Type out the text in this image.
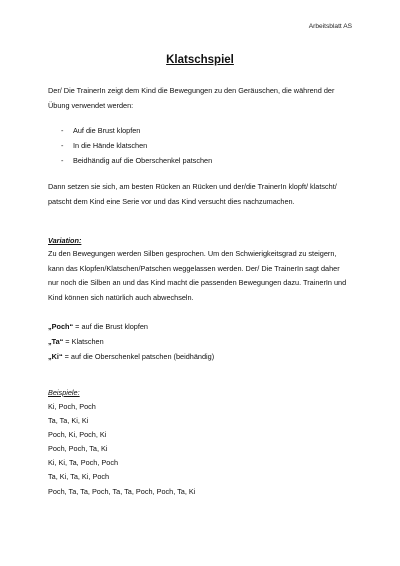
Arbeitsblatt AS
Klatschspiel

Der/ Die TrainerIn zeigt dem Kind die Bewegungen zu den Geräuschen, die während der Übung verwendet werden:

-	Auf die Brust klopfen
-	In die Hände klatschen
-	Beidhändig auf die Oberschenkel patschen

Dann setzen sie sich, am besten Rücken an Rücken und der/die TrainerIn klopft/ klatscht/ patscht dem Kind eine Serie vor und das Kind versucht dies nachzumachen.

Variation:

Zu den Bewegungen werden Silben gesprochen. Um den Schwierigkeitsgrad zu steigern, kann das Klopfen/Klatschen/Patschen weggelassen werden. Der/ Die TrainerIn sagt daher nur noch die Silben an und das Kind macht die passenden Bewegungen dazu. TrainerIn und Kind können sich natürlich auch abwechseln.

„Poch“ = auf die Brust klopfen
„Ta“ = Klatschen
„Ki“ = auf die Oberschenkel patschen (beidhändig)
Beispiele:
Ki, Poch, Poch
Ta, Ta, Ki, Ki
Poch, Ki, Poch, Ki
Poch, Poch, Ta, Ki
Ki, Ki, Ta, Poch, Poch
Ta, Ki, Ta, Ki, Poch
Poch, Ta, Ta, Poch, Ta, Ta, Poch, Poch, Ta, Ki
